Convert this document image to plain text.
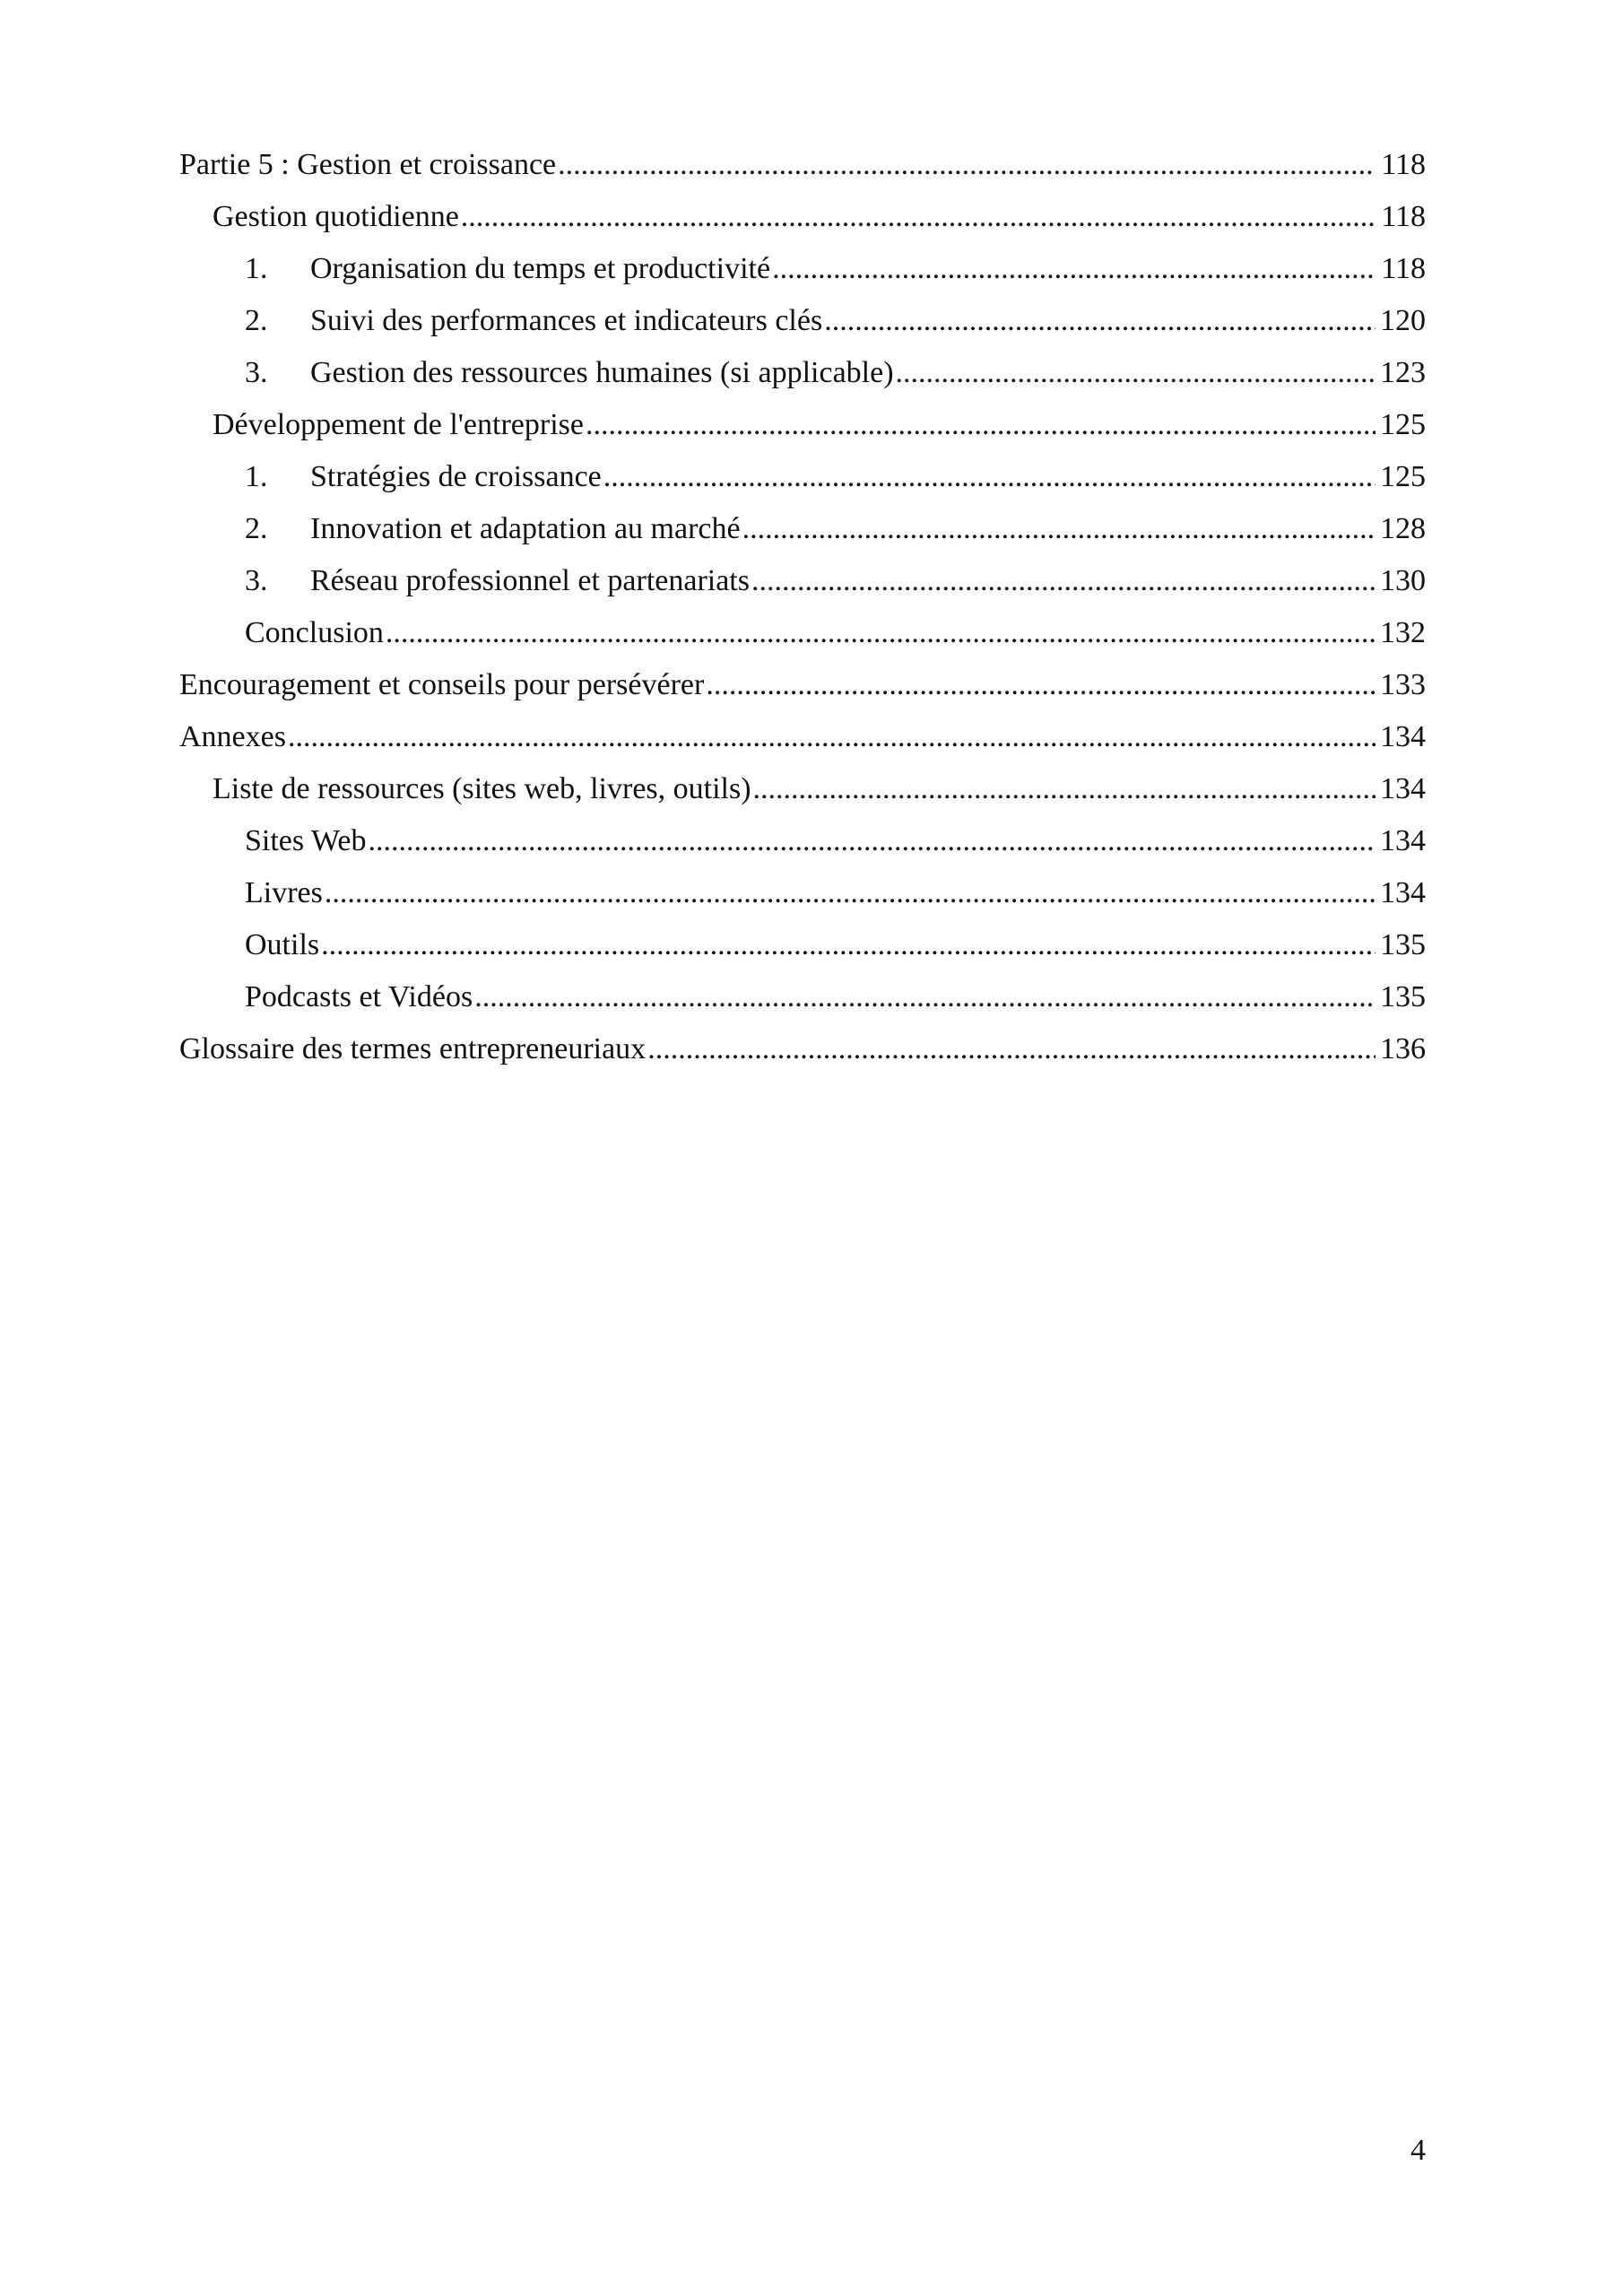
Partie 5 : Gestion et croissance .....	118
Gestion quotidienne .....	118
1.	Organisation du temps et productivité .....	118
2.	Suivi des performances et indicateurs clés .....	120
3.	Gestion des ressources humaines (si applicable) .....	123
Développement de l'entreprise .....	125
1.	Stratégies de croissance .....	125
2.	Innovation et adaptation au marché .....	128
3.	Réseau professionnel et partenariats .....	130
Conclusion .....	132
Encouragement et conseils pour persévérer .....	133
Annexes .....	134
Liste de ressources (sites web, livres, outils) .....	134
Sites Web .....	134
Livres .....	134
Outils .....	135
Podcasts et Vidéos .....	135
Glossaire des termes entrepreneuriaux .....	136
4
